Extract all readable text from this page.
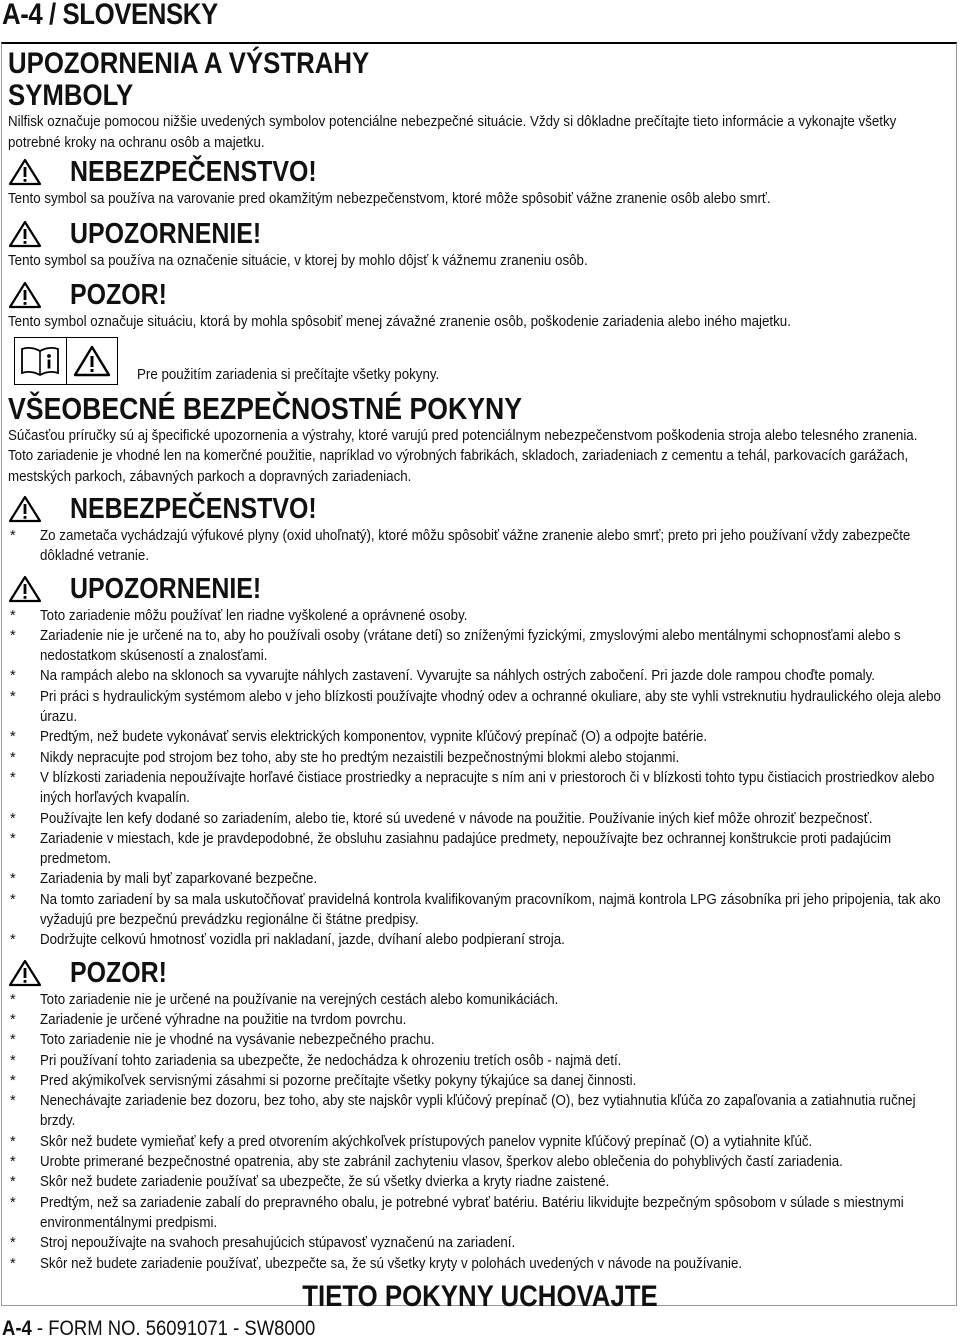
A-4 / SLOVENSKY
UPOZORNENIA A VÝSTRAHY
SYMBOLY

Nilfisk označuje pomocou nižšie uvedených symbolov potenciálne nebezpečné situácie. Vždy si dôkladne prečítajte tieto informácie a vykonajte všetky potrebné kroky na ochranu osôb a majetku.

NEBEZPEČENSTVO!

Tento symbol sa používa na varovanie pred okamžitým nebezpečenstvom, ktoré môže spôsobiť vážne zranenie osôb alebo smrť.

UPOZORNENIE!

Tento symbol sa používa na označenie situácie, v ktorej by mohlo dôjsť k vážnemu zraneniu osôb.

POZOR!

Tento symbol označuje situáciu, ktorá by mohla spôsobiť menej závažné zranenie osôb, poškodenie zariadenia alebo iného majetku.

Pre použitím zariadenia si prečítajte všetky pokyny.
VŠEOBECNÉ BEZPEČNOSTNÉ POKYNY

Súčasťou príručky sú aj špecifické upozornenia a výstrahy, ktoré varujú pred potenciálnym nebezpečenstvom poškodenia stroja alebo telesného zranenia.

Toto zariadenie je vhodné len na komerčné použitie, napríklad vo výrobných fabrikách, skladoch, zariadeniach z cementu a tehál, parkovacích garážach, mestských parkoch, zábavných parkoch a dopravných zariadeniach.

NEBEZPEČENSTVO!
* Zo zametača vychádzajú výfukové plyny (oxid uhoľnatý), ktoré môžu spôsobiť vážne zranenie alebo smrť; preto pri jeho používaní vždy zabezpečte dôkladné vetranie.
UPOZORNENIE!
* Toto zariadenie môžu používať len riadne vyškolené a oprávnené osoby.
* Zariadenie nie je určené na to, aby ho používali osoby (vrátane detí) so zníženými fyzickými, zmyslovými alebo mentálnymi schopnosťami alebo s nedostatkom skúseností a znalosťami.
* Na rampách alebo na sklonoch sa vyvarujte náhlych zastavení. Vyvarujte sa náhlych ostrých zabočení. Pri jazde dole rampou choďte pomaly.
* Pri práci s hydraulickým systémom alebo v jeho blízkosti používajte vhodný odev a ochranné okuliare, aby ste vyhli vstreknutiu hydraulického oleja alebo úrazu.
* Predtým, než budete vykonávať servis elektrických komponentov, vypnite kľúčový prepínač (O) a odpojte batérie.
* Nikdy nepracujte pod strojom bez toho, aby ste ho predtým nezaistili bezpečnostnými blokmi alebo stojanmi.
* V blízkosti zariadenia nepoužívajte horľavé čistiace prostriedky a nepracujte s ním ani v priestoroch či v blízkosti tohto typu čistiacich prostriedkov alebo iných horľavých kvapalín.
* Používajte len kefy dodané so zariadením, alebo tie, ktoré sú uvedené v návode na použitie. Používanie iných kief môže ohroziť bezpečnosť.
* Zariadenie v miestach, kde je pravdepodobné, že obsluhu zasiahnu padajúce predmety, nepoužívajte bez ochrannej konštrukcie proti padajúcim predmetom.
* Zariadenia by mali byť zaparkované bezpečne.
* Na tomto zariadení by sa mala uskutočňovať pravidelná kontrola kvalifikovaným pracovníkom, najmä kontrola LPG zásobníka pri jeho pripojenia, tak ako vyžadujú pre bezpečnú prevádzku regionálne či štátne predpisy.
* Dodržujte celkovú hmotnosť vozidla pri nakladaní, jazde, dvíhaní alebo podpieraní stroja.
POZOR!
* Toto zariadenie nie je určené na používanie na verejných cestách alebo komunikáciách.
* Zariadenie je určené výhradne na použitie na tvrdom povrchu.
* Toto zariadenie nie je vhodné na vysávanie nebezpečného prachu.
* Pri používaní tohto zariadenia sa ubezpečte, že nedochádza k ohrozeniu tretích osôb - najmä detí.
* Pred akýmikoľvek servisnými zásahmi si pozorne prečítajte všetky pokyny týkajúce sa danej činnosti.
* Nenechávajte zariadenie bez dozoru, bez toho, aby ste najskôr vypli kľúčový prepínač (O), bez vytiahnutia kľúča zo zapaľovania a zatiahnutia ručnej brzdy.
* Skôr než budete vymieňať kefy a pred otvorením akýchkoľvek prístupových panelov vypnite kľúčový prepínač (O) a vytiahnite kľúč.
* Urobte primerané bezpečnostné opatrenia, aby ste zabránil zachyteniu vlasov, šperkov alebo oblečenia do pohyblivých častí zariadenia.
* Skôr než budete zariadenie používať sa ubezpečte, že sú všetky dvierka a kryty riadne zaistené.
* Predtým, než sa zariadenie zabalí do prepravného obalu, je potrebné vybrať batériu. Batériu likvidujte bezpečným spôsobom v súlade s miestnymi environmentálnymi predpismi.
* Stroj nepoužívajte na svahoch presahujúcich stúpavosť vyznačenú na zariadení.
* Skôr než budete zariadenie používať, ubezpečte sa, že sú všetky kryty v polohách uvedených v návode na používanie.
TIETO POKYNY UCHOVAJTE
A-4 - FORM NO. 56091071 - SW8000
